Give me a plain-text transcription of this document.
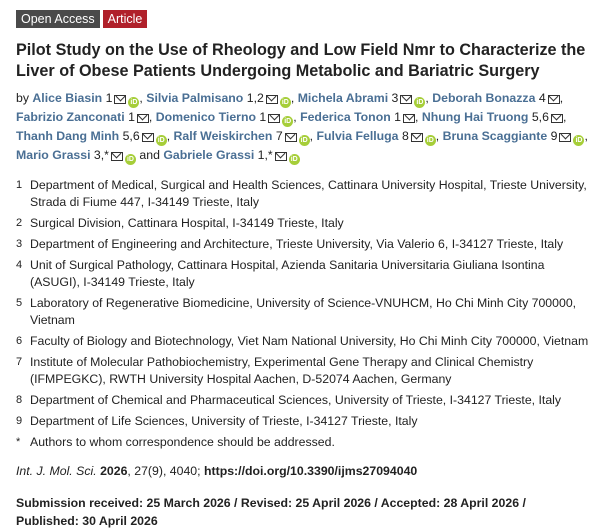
Open Access	Article
Pilot Study on the Use of Rheology and Low Field Nmr to Characterize the Liver of Obese Patients Undergoing Metabolic and Bariatric Surgery
by Alice Biasin 1	iD , Silvia Palmisano 1,2	iD , Michela Abrami 3	iD , Deborah Bonazza 4 , Fabrizio Zanconati 1 , Domenico Tierno 1	iD , Federica Tonon 1 , Nhung Hai Truong 5,6 , Thanh Dang Minh 5,6	iD , Ralf Weiskirchen 7	iD , Fulvia Felluga 8	iD , Bruna Scaggiante 9	iD , Mario Grassi 3,*	iD and Gabriele Grassi 1,*	iD
1 Department of Medical, Surgical and Health Sciences, Cattinara University Hospital, Trieste University, Strada di Fiume 447, I-34149 Trieste, Italy
2 Surgical Division, Cattinara Hospital, I-34149 Trieste, Italy
3 Department of Engineering and Architecture, Trieste University, Via Valerio 6, I-34127 Trieste, Italy
4 Unit of Surgical Pathology, Cattinara Hospital, Azienda Sanitaria Universitaria Giuliana Isontina (ASUGI), I-34149 Trieste, Italy
5 Laboratory of Regenerative Biomedicine, University of Science-VNUHCM, Ho Chi Minh City 700000, Vietnam
6 Faculty of Biology and Biotechnology, Viet Nam National University, Ho Chi Minh City 700000, Vietnam
7 Institute of Molecular Pathobiochemistry, Experimental Gene Therapy and Clinical Chemistry (IFMPEGKC), RWTH University Hospital Aachen, D-52074 Aachen, Germany
8 Department of Chemical and Pharmaceutical Sciences, University of Trieste, I-34127 Trieste, Italy
9 Department of Life Sciences, University of Trieste, I-34127 Trieste, Italy
* Authors to whom correspondence should be addressed.
Int. J. Mol. Sci. 2026, 27(9), 4040; https://doi.org/10.3390/ijms27094040
Submission received: 25 March 2026 / Revised: 25 April 2026 / Accepted: 28 April 2026 / Published: 30 April 2026
